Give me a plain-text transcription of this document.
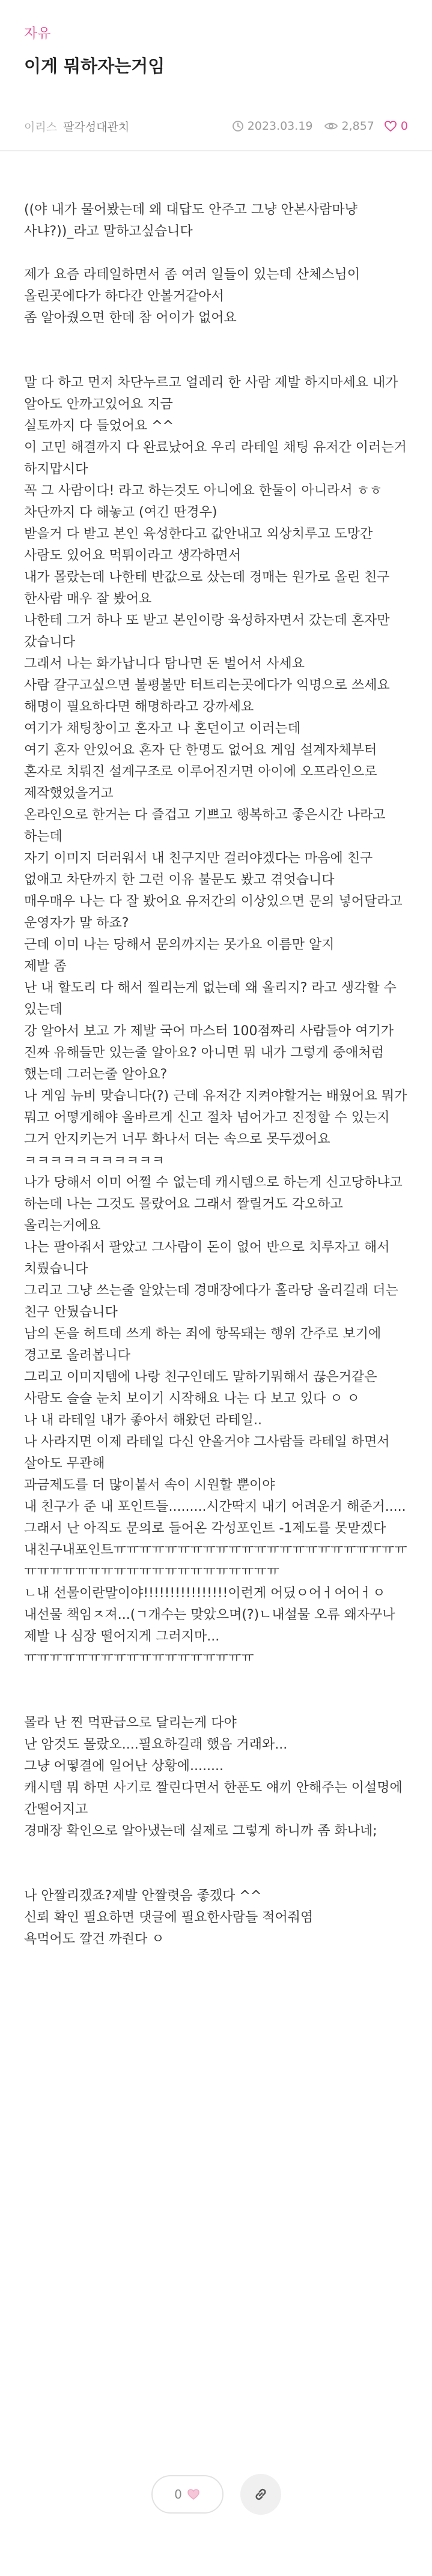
자유
이게 뭐하자는거임
이리스 팔각성대관치	2023.03.19	2,857 0

((야 내가 물어봤는데 왜 대답도 안주고 그냥 안본사람마냥 사냐?))_라고 말하고싶습니다

제가 요즘 라테일하면서 좀 여러 일들이 있는데 산체스님이 올린곳에다가 하다간 안볼거같아서

좀 알아줬으면 한데 참 어이가 없어요

말 다 하고 먼저 차단누르고 얼레리 한 사람 제발 하지마세요 내가 알아도 안까고있어요 지금

실토까지 다 들었어요 ^^

이 고민 해결까지 다 완료났어요 우리 라테일 채팅 유저간 이러는거 하지맙시다

꼭 그 사람이다! 라고 하는것도 아니에요 한둘이 아니라서 ㅎㅎ

차단까지 다 해놓고 (여긴 딴경우)

받을거 다 받고 본인 육성한다고 값안내고 외상치루고 도망간 사람도 있어요 먹튀이라고 생각하면서

내가 몰랐는데 나한테 반값으로 샀는데 경매는 원가로 올린 친구 한사람 매우 잘 봤어요

나한테 그거 하나 또 받고 본인이랑 육성하자면서 갔는데 혼자만 갔습니다

그래서 나는 화가납니다 탐나면 돈 벌어서 사세요

사람 갈구고싶으면 불평불만 터트리는곳에다가 익명으로 쓰세요 해명이 필요하다면 해명하라고 강까세요

여기가 채팅창이고 혼자고 나 혼던이고 이러는데

여기 혼자 안있어요 혼자 단 한명도 없어요 게임 설계자체부터 혼자로 치뤄진 설계구조로 이루어진거면 아이에 오프라인으로 제작했었을거고

온라인으로 한거는 다 즐겁고 기쁘고 행복하고 좋은시간 나라고 하는데

자기 이미지 더러워서 내 친구지만 걸러야겠다는 마음에 친구 없애고 차단까지 한 그런 이유 불문도 봤고 겪엇습니다

매우매우 나는 다 잘 봤어요 유저간의 이상있으면 문의 넣어달라고 운영자가 말 하죠?

근데 이미 나는 당해서 문의까지는 못가요 이름만 알지

제발 좀

난 내 할도리 다 해서 찔리는게 없는데 왜 올리지? 라고 생각할 수 있는데

강 알아서 보고 가 제발 국어 마스터 100점짜리 사람들아 여기가 진짜 유해들만 있는줄 알아요? 아니면 뭐 내가 그렇게 중애처럼 했는데 그러는줄 알아요?

나 게임 뉴비 맞습니다(?) 근데 유저간 지켜야할거는 배웠어요 뭐가 뭐고 어떻게해야 올바르게 신고 절차 넘어가고 진정할 수 있는지

그거 안지키는거 너무 화나서 더는 속으로 못두겠어요 ㅋㅋㅋㅋㅋㅋㅋㅋㅋㅋㅋ

나가 당해서 이미 어쩔 수 없는데 캐시템으로 하는게 신고당하냐고 하는데 나는 그것도 몰랐어요 그래서 짤릴거도 각오하고 올리는거에요

나는 팔아줘서 팔았고 그사람이 돈이 없어 반으로 치루자고 해서 치뤘습니다

그리고 그냥 쓰는줄 알았는데 경매장에다가 홀라당 올리길래 더는 친구 안뒀습니다

남의 돈을 허트데 쓰게 하는 죄에 항목돼는 행위 간주로 보기에 경고로 올려봅니다

그리고 이미지템에 나랑 친구인데도 말하기뭐해서 끊은거같은 사람도 슬슬 눈치 보이기 시작해요 나는 다 보고 있다 ㅇ ㅇ

나 내 라테일 내가 좋아서 해왔던 라테일..

나 사라지면 이제 라테일 다신 안올거야 그사람들 라테일 하면서 살아도 무관해

과금제도를 더 많이붙서 속이 시원할 뿐이야

내 친구가 준 내 포인트들.........시간딱지 내기 어려운거 해준거.....그래서 난 아직도 문의로 들어온 각성포인트 -1제도를 못맏겠다

내친구내포인트ㅠㅠㅠㅠㅠㅠㅠㅠㅠㅠㅠㅠㅠㅠㅠㅠㅠㅠㅠㅠㅠㅠㅠㅠㅠㅠㅠㅠㅠㅠㅠㅠㅠㅠㅠㅠㅠㅠㅠㅠㅠㅠㅠ

ㄴ내 선물이란말이야!!!!!!!!!!!!!!!!이런게 어딨ㅇ어ㅓ어어ㅓㅇ

내선물 책임ㅈ져...(ㄱ개수는 맞았으며(?)ㄴ내설물 오류 왜자꾸나 제발 나 심장 떨어지게 그러지마...ㅠㅠㅠㅠㅠㅠㅠㅠㅠㅠㅠㅠㅠㅠㅠㅠㅠㅠ

몰라 난 찐 먹판급으로 달리는게 다야

난 암것도 몰랐오....필요하길래 했음 거래와...

그냥 어떻결에 일어난 상황에........

캐시템 뭐 하면 사기로 짤린다면서 한푼도 얘끼 안해주는 이설명에 간떨어지고

경매장 확인으로 알아냈는데 실제로 그렇게 하니까 좀 화나네;

나 안짤리겠죠?제발 안짤렷음 좋겠다 ^^

신뢰 확인 필요하면 댓글에 필요한사람들 적어줘염

욕먹어도 깔건 까줜다 ㅇ

0
